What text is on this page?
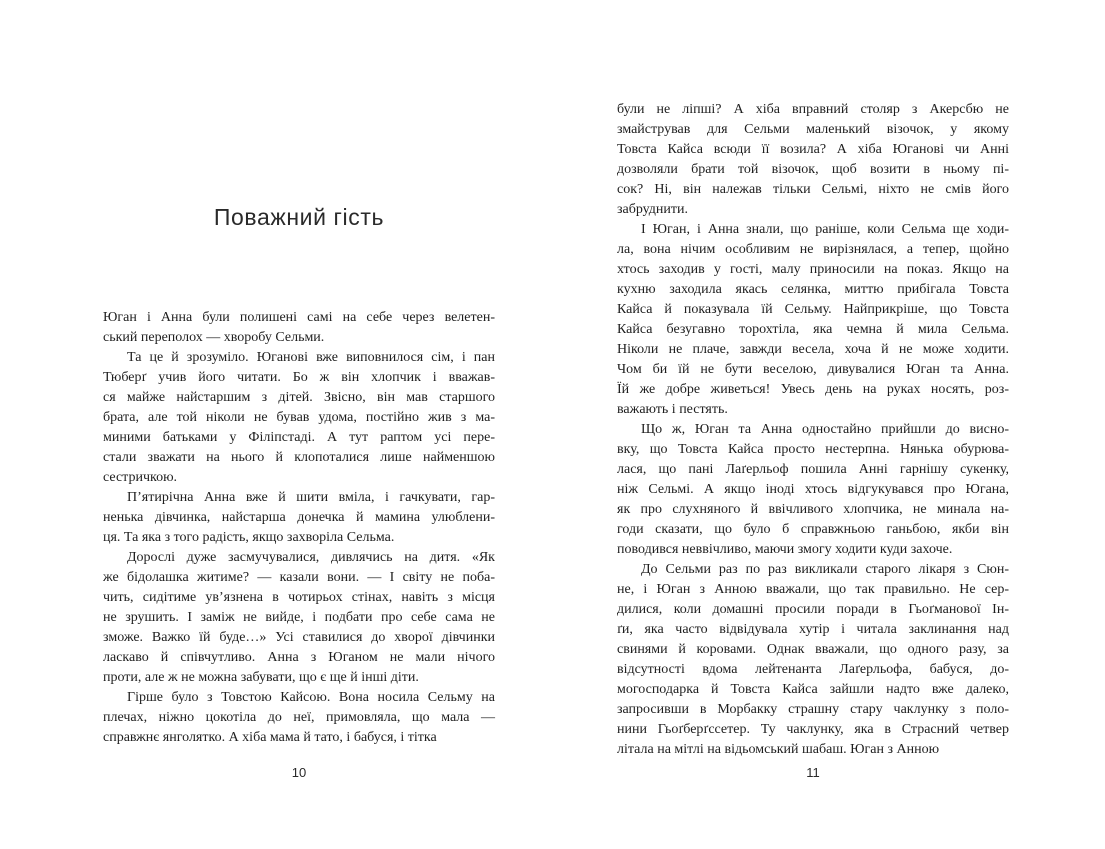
Поважний гість
Юган і Анна були полишені самі на себе через велетен-
ський переполох — хворобу Сельми.
Та це й зрозуміло. Юганові вже виповнилося сім, і пан
Тюберґ учив його читати. Бо ж він хлопчик і вважав-
ся майже найстаршим з дітей. Звісно, він мав старшого
брата, але той ніколи не бував удома, постійно жив з ма-
миними батьками у Філіпстаді. А тут раптом усі пере-
стали зважати на нього й клопоталися лише найменшою
сестричкою.
П’ятирічна Анна вже й шити вміла, і гачкувати, гар-
ненька дівчинка, найстарша донечка й мамина улюблени-
ця. Та яка з того радість, якщо захворіла Сельма.
Дорослі дуже засмучувалися, дивлячись на дитя. «Як
же бідолашка житиме? — казали вони. — І світу не поба-
чить, сидітиме ув’язнена в чотирьох стінах, навіть з місця
не зрушить. І заміж не вийде, і подбати про себе сама не
зможе. Важко їй буде…» Усі ставилися до хворої дівчинки
ласкаво й співчутливо. Анна з Юганом не мали нічого
проти, але ж не можна забувати, що є ще й інші діти.
Гірше було з Товстою Кайсою. Вона носила Сельму на
плечах, ніжно цокотіла до неї, примовляла, що мала —
справжнє янголятко. А хіба мама й тато, і бабуся, і тітка
10
були не ліпші? А хіба вправний столяр з Акерсбю не
змайстрував для Сельми маленький візочок, у якому
Товста Кайса всюди її возила? А хіба Юганові чи Анні
дозволяли брати той візочок, щоб возити в ньому пі-
сок? Ні, він належав тільки Сельмі, ніхто не смів його
забруднити.
І Юган, і Анна знали, що раніше, коли Сельма ще ходи-
ла, вона нічим особливим не вирізнялася, а тепер, щойно
хтось заходив у гості, малу приносили на показ. Якщо на
кухню заходила якась селянка, миттю прибігала Товста
Кайса й показувала їй Сельму. Найприкріше, що Товста
Кайса безугавно торохтіла, яка чемна й мила Сельма.
Ніколи не плаче, завжди весела, хоча й не може ходити.
Чом би їй не бути веселою, дивувалися Юган та Анна.
Їй же добре живеться! Увесь день на руках носять, роз-
важають і пестять.
Що ж, Юган та Анна одностайно прийшли до висно-
вку, що Товста Кайса просто нестерпна. Нянька обурюва-
лася, що пані Лаґерльоф пошила Анні гарнішу сукенку,
ніж Сельмі. А якщо іноді хтось відгукувався про Югана,
як про слухняного й ввічливого хлопчика, не минала на-
годи сказати, що було б справжньою ганьбою, якби він
поводився неввічливо, маючи змогу ходити куди захоче.
До Сельми раз по раз викликали старого лікаря з Сюн-
не, і Юган з Анною вважали, що так правильно. Не сер-
дилися, коли домашні просили поради в Гьоґманової Ін-
ґи, яка часто відвідувала хутір і читала заклинання над
свинями й коровами. Однак вважали, що одного разу, за
відсутності вдома лейтенанта Лаґерльофа, бабуся, до-
могосподарка й Товста Кайса зайшли надто вже далеко,
запросивши в Морбакку страшну стару чаклунку з поло-
нини Гьоґберґссетер. Ту чаклунку, яка в Страсний четвер
літала на мітлі на відьомський шабаш. Юган з Анною
11
